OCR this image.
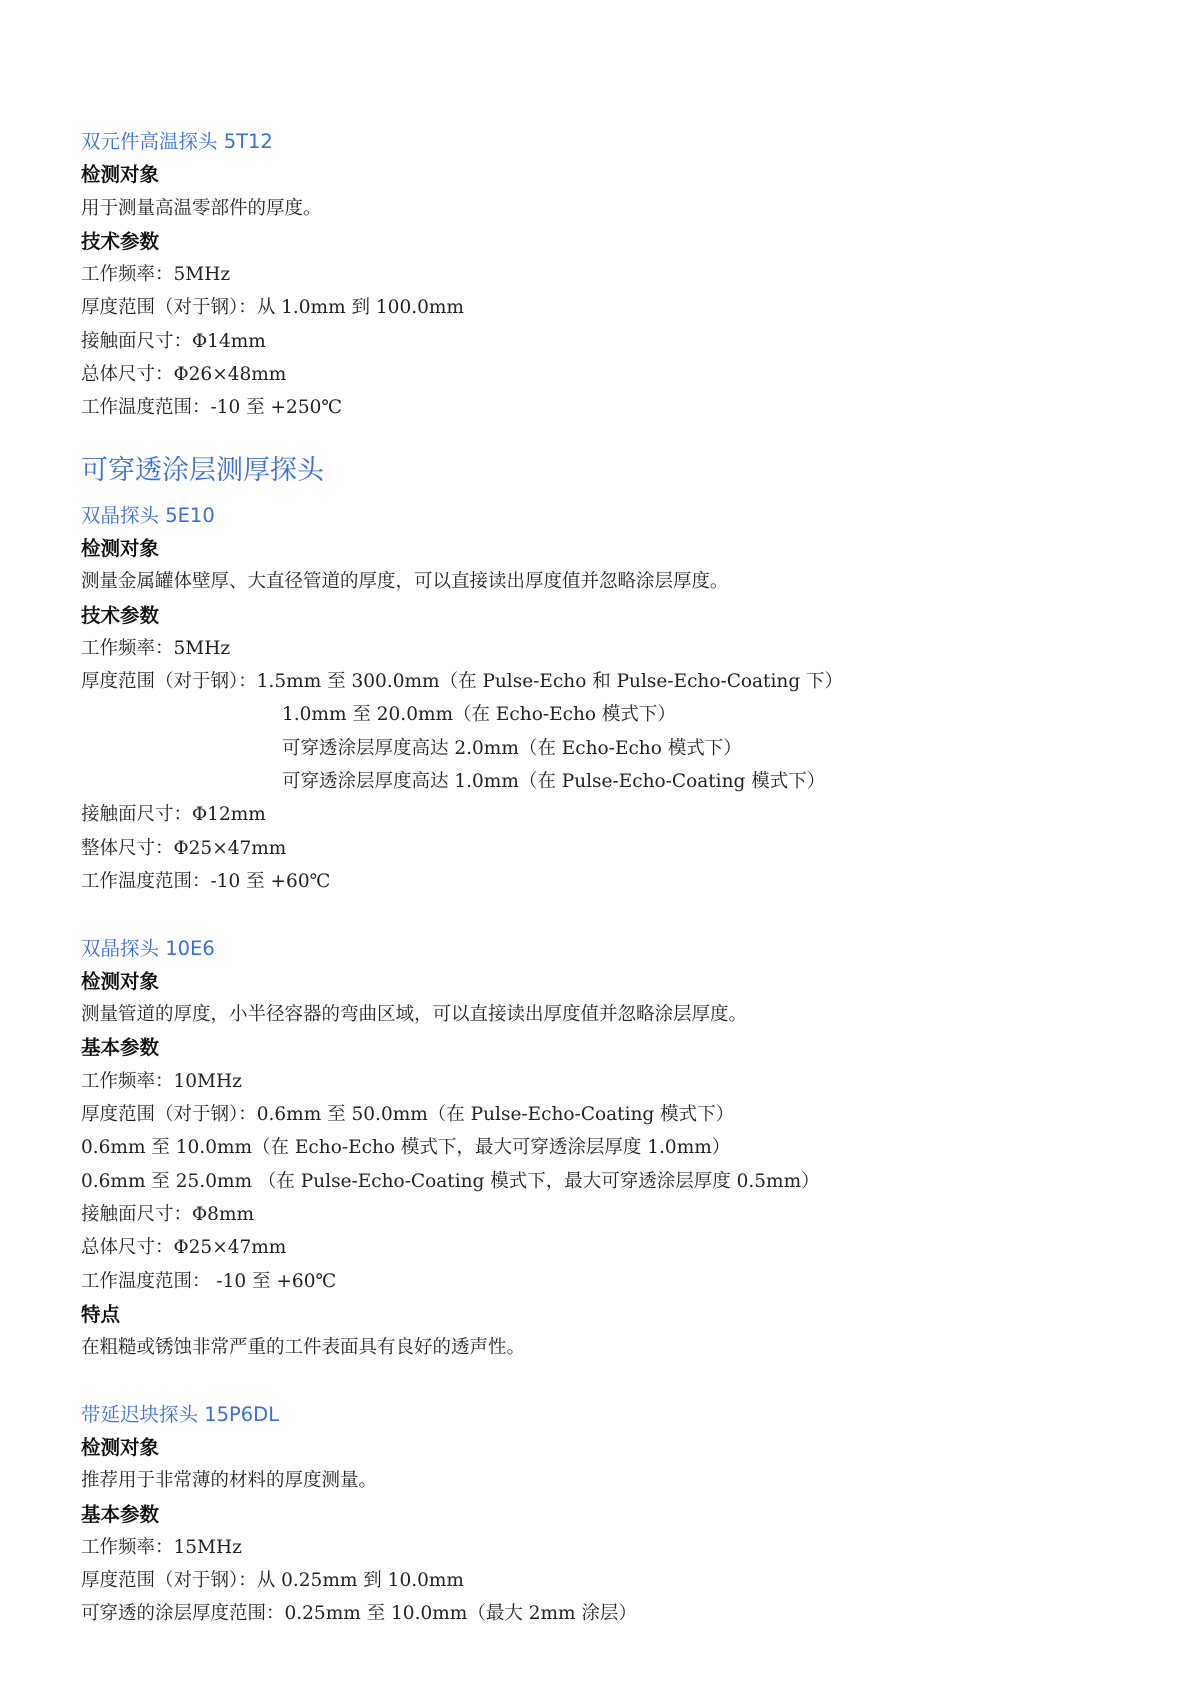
双元件高温探头 5T12
检测对象
用于测量高温零部件的厚度。
技术参数
工作频率：5MHz
厚度范围（对于钢）：从 1.0mm 到 100.0mm
接触面尺寸：Φ14mm
总体尺寸：Φ26×48mm
工作温度范围：-10 至 +250℃
可穿透涂层测厚探头
双晶探头 5E10
检测对象
测量金属罐体壁厚、大直径管道的厚度，可以直接读出厚度值并忽略涂层厚度。
技术参数
工作频率：5MHz
厚度范围（对于钢）：1.5mm 至 300.0mm（在 Pulse-Echo 和 Pulse-Echo-Coating 下）
1.0mm 至 20.0mm（在 Echo-Echo 模式下）
可穿透涂层厚度高达 2.0mm（在 Echo-Echo 模式下）
可穿透涂层厚度高达 1.0mm（在 Pulse-Echo-Coating 模式下）
接触面尺寸：Φ12mm
整体尺寸：Φ25×47mm
工作温度范围：-10 至 +60℃
双晶探头 10E6
检测对象
测量管道的厚度，小半径容器的弯曲区域，可以直接读出厚度值并忽略涂层厚度。
基本参数
工作频率：10MHz
厚度范围（对于钢）：0.6mm 至 50.0mm（在 Pulse-Echo-Coating 模式下）
0.6mm 至 10.0mm（在 Echo-Echo 模式下，最大可穿透涂层厚度 1.0mm）
0.6mm 至 25.0mm （在 Pulse-Echo-Coating 模式下，最大可穿透涂层厚度 0.5mm）
接触面尺寸：Φ8mm
总体尺寸：Φ25×47mm
工作温度范围： -10 至 +60℃
特点
在粗糙或锈蚀非常严重的工件表面具有良好的透声性。
带延迟块探头 15P6DL
检测对象
推荐用于非常薄的材料的厚度测量。
基本参数
工作频率：15MHz
厚度范围（对于钢）：从 0.25mm 到 10.0mm
可穿透的涂层厚度范围：0.25mm 至 10.0mm（最大 2mm 涂层）
